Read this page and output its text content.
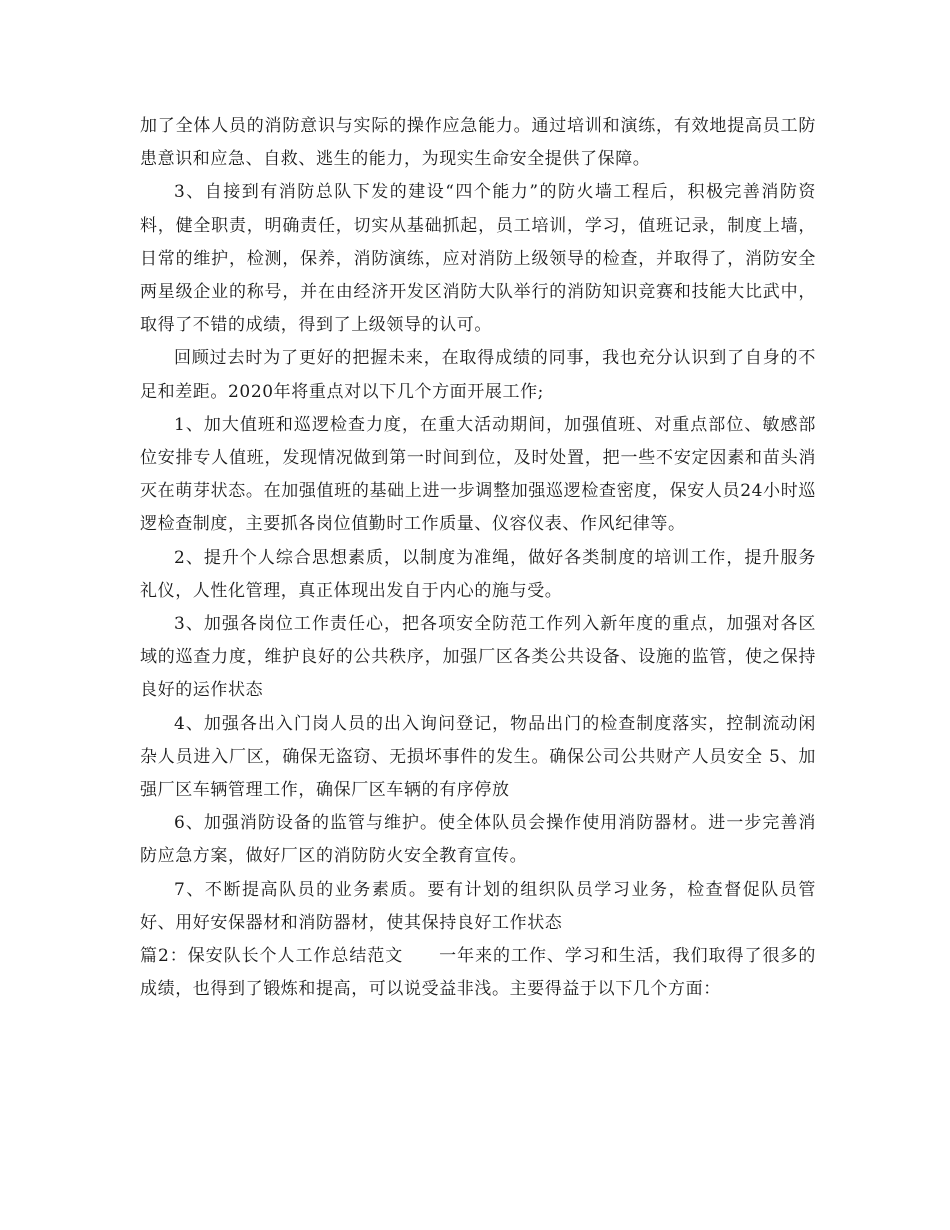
加了全体人员的消防意识与实际的操作应急能力。通过培训和演练，有效地提高员工防患意识和应急、自救、逃生的能力，为现实生命安全提供了保障。

3、自接到有消防总队下发的建设“四个能力”的防火墙工程后，积极完善消防资料，健全职责，明确责任，切实从基础抓起，员工培训，学习，值班记录，制度上墙，日常的维护，检测，保养，消防演练，应对消防上级领导的检查，并取得了，消防安全两星级企业的称号，并在由经济开发区消防大队举行的消防知识竞赛和技能大比武中，取得了不错的成绩，得到了上级领导的认可。

回顾过去时为了更好的把握未来，在取得成绩的同事，我也充分认识到了自身的不足和差距。2020年将重点对以下几个方面开展工作;

1、加大值班和巡逻检查力度，在重大活动期间，加强值班、对重点部位、敏感部位安排专人值班，发现情况做到第一时间到位，及时处置，把一些不安定因素和苗头消灭在萌芽状态。在加强值班的基础上进一步调整加强巡逻检查密度，保安人员24小时巡逻检查制度，主要抓各岗位值勤时工作质量、仪容仪表、作风纪律等。

2、提升个人综合思想素质，以制度为准绳，做好各类制度的培训工作，提升服务礼仪，人性化管理，真正体现出发自于内心的施与受。

3、加强各岗位工作责任心，把各项安全防范工作列入新年度的重点，加强对各区域的巡查力度，维护良好的公共秩序，加强厂区各类公共设备、设施的监管，使之保持良好的运作状态

4、加强各出入门岗人员的出入询问登记，物品出门的检查制度落实，控制流动闲杂人员进入厂区，确保无盗窃、无损坏事件的发生。确保公司公共财产人员安全 5、加强厂区车辆管理工作，确保厂区车辆的有序停放

6、加强消防设备的监管与维护。使全体队员会操作使用消防器材。进一步完善消防应急方案，做好厂区的消防防火安全教育宣传。

7、不断提高队员的业务素质。要有计划的组织队员学习业务，检查督促队员管好、用好安保器材和消防器材，使其保持良好工作状态

篇2：保安队长个人工作总结范文　　一年来的工作、学习和生活，我们取得了很多的成绩，也得到了锻炼和提高，可以说受益非浅。主要得益于以下几个方面：
